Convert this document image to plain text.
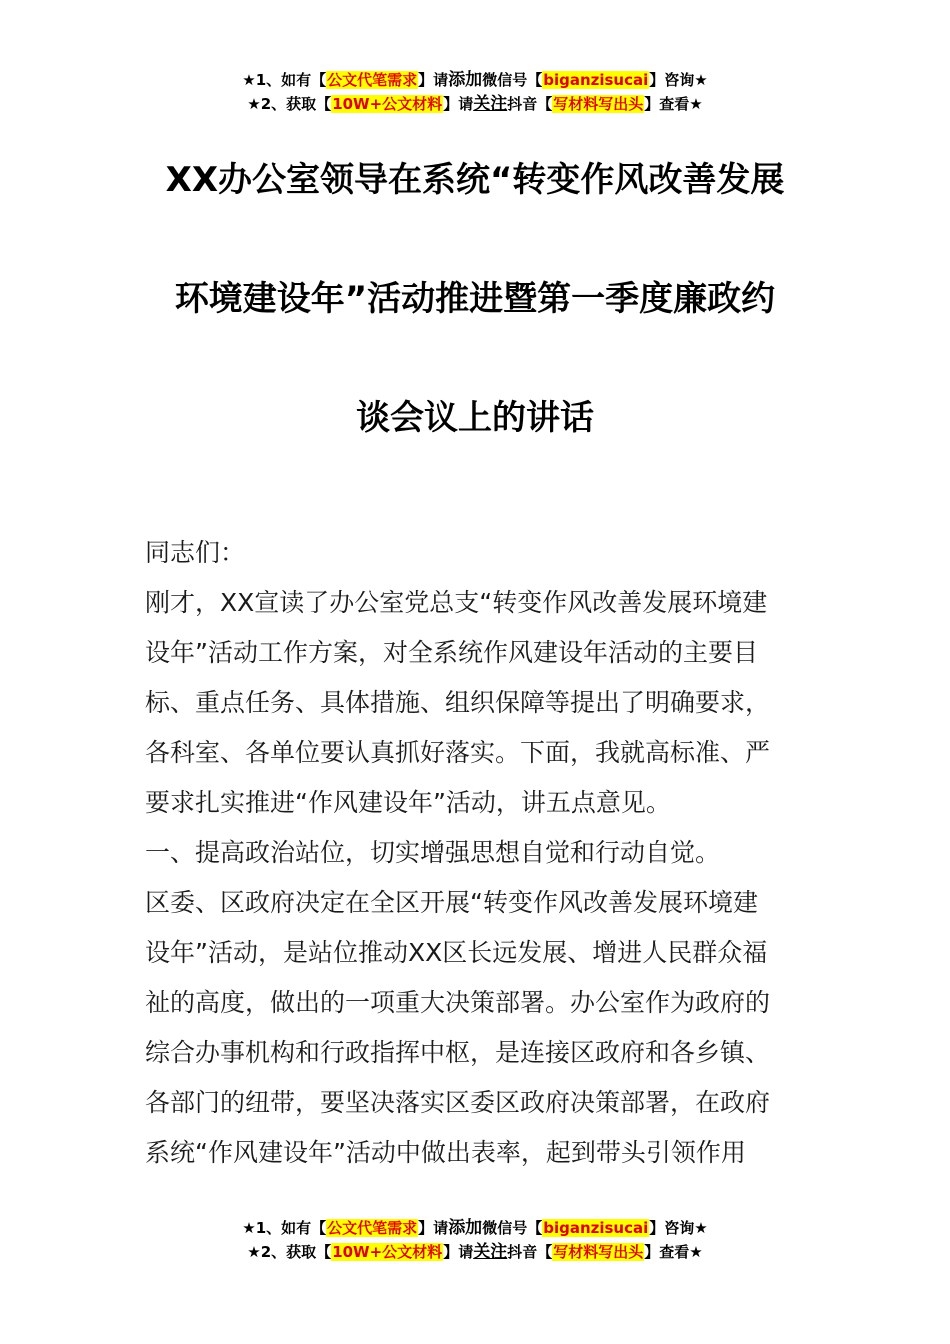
★1、如有【公文代笔需求】请添加微信号【biganzisucai】咨询★
★2、获取【10W+公文材料】请关注抖音【写材料写出头】查看★
XX办公室领导在系统“转变作风改善发展
环境建设年”活动推进暨第一季度廉政约
谈会议上的讲话
同志们：
刚才，XX宣读了办公室党总支“转变作风改善发展环境建
设年”活动工作方案，对全系统作风建设年活动的主要目
标、重点任务、具体措施、组织保障等提出了明确要求，
各科室、各单位要认真抓好落实。下面，我就高标准、严
要求扎实推进“作风建设年”活动，讲五点意见。
一、提高政治站位，切实增强思想自觉和行动自觉。
区委、区政府决定在全区开展“转变作风改善发展环境建
设年”活动，是站位推动XX区长远发展、增进人民群众福
祉的高度，做出的一项重大决策部署。办公室作为政府的
综合办事机构和行政指挥中枢，是连接区政府和各乡镇、
各部门的纽带，要坚决落实区委区政府决策部署，在政府
系统“作风建设年”活动中做出表率，起到带头引领作用
★1、如有【公文代笔需求】请添加微信号【biganzisucai】咨询★
★2、获取【10W+公文材料】请关注抖音【写材料写出头】查看★
